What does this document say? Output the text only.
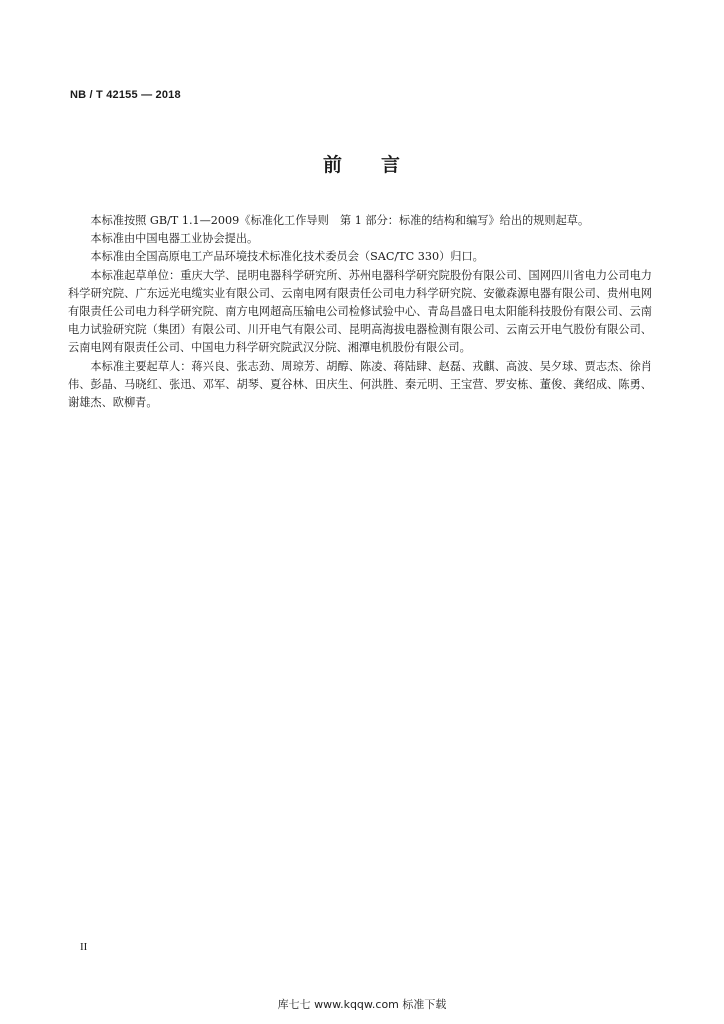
NB / T 42155 — 2018
前 言

本标准按照 GB/T 1.1—2009《标准化工作导则　第 1 部分：标准的结构和编写》给出的规则起草。

本标准由中国电器工业协会提出。

本标准由全国高原电工产品环境技术标准化技术委员会（SAC/TC 330）归口。

本标准起草单位：重庆大学、昆明电器科学研究所、苏州电器科学研究院股份有限公司、国网四川省电力公司电力科学研究院、广东远光电缆实业有限公司、云南电网有限责任公司电力科学研究院、安徽森源电器有限公司、贵州电网有限责任公司电力科学研究院、南方电网超高压输电公司检修试验中心、青岛昌盛日电太阳能科技股份有限公司、云南电力试验研究院（集团）有限公司、川开电气有限公司、昆明高海拔电器检测有限公司、云南云开电气股份有限公司、云南电网有限责任公司、中国电力科学研究院武汉分院、湘潭电机股份有限公司。

本标准主要起草人：蒋兴良、张志劲、周琼芳、胡醇、陈凌、蒋陆肆、赵磊、戎麒、高波、吴夕球、贾志杰、徐肖伟、彭晶、马晓红、张迅、邓军、胡琴、夏谷林、田庆生、何洪胜、秦元明、王宝营、罗安栋、董俊、龚绍成、陈勇、谢雄杰、欧柳青。

II
库七七 www.kqqw.com 标准下载
